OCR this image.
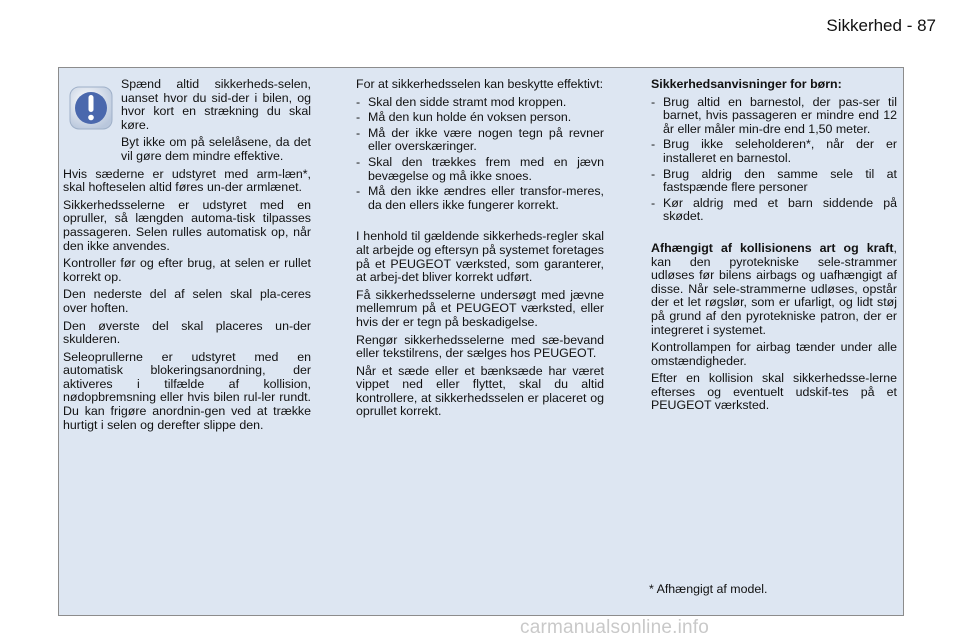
Sikkerhed - 87

Spænd altid sikkerheds-selen, uanset hvor du sid-der i bilen, og hvor kort en strækning du skal køre.

Byt ikke om på selelåsene, da det vil gøre dem mindre effektive.

Hvis sæderne er udstyret med arm-læn*, skal hofteselen altid føres un-der armlænet.

Sikkerhedsselerne er udstyret med en opruller, så længden automa-tisk tilpasses passageren. Selen rulles automatisk op, når den ikke anvendes.

Kontroller før og efter brug, at selen er rullet korrekt op.

Den nederste del af selen skal pla-ceres over hoften.

Den øverste del skal placeres un-der skulderen.

Seleoprullerne er udstyret med en automatisk blokeringsanordning, der aktiveres i tilfælde af kollision, nødopbremsning eller hvis bilen rul-ler rundt. Du kan frigøre anordnin-gen ved at trække hurtigt i selen og derefter slippe den.

For at sikkerhedsselen kan beskytte effektivt:

- Skal den sidde stramt mod kroppen.
- Må den kun holde én voksen person.
- Må der ikke være nogen tegn på revner eller overskæringer.
- Skal den trækkes frem med en jævn bevægelse og må ikke snoes.
- Må den ikke ændres eller transfor-meres, da den ellers ikke fungerer korrekt.

I henhold til gældende sikkerheds-regler skal alt arbejde og eftersyn på systemet foretages på et PEUGEOT værksted, som garanterer, at arbej-det bliver korrekt udført.

Få sikkerhedsselerne undersøgt med jævne mellemrum på et PEUGEOT værksted, eller hvis der er tegn på beskadigelse.

Rengør sikkerhedsselerne med sæ-bevand eller tekstilrens, der sælges hos PEUGEOT.

Når et sæde eller et bænksæde har været vippet ned eller flyttet, skal du altid kontrollere, at sikkerhedsselen er placeret og oprullet korrekt.

Sikkerhedsanvisninger for børn:

- Brug altid en barnestol, der pas-ser til barnet, hvis passageren er mindre end 12 år eller måler min-dre end 1,50 meter.
- Brug ikke seleholderen*, når der er installeret en barnestol.
- Brug aldrig den samme sele til at fastspænde flere personer
- Kør aldrig med et barn siddende på skødet.

Afhængigt af kollisionens art og kraft, kan den pyrotekniske sele-strammer udløses før bilens airbags og uafhængigt af disse. Når sele-strammerne udløses, opstår der et let røgslør, som er ufarligt, og lidt støj på grund af den pyrotekniske patron, der er integreret i systemet.

Kontrollampen for airbag tænder under alle omstændigheder.

Efter en kollision skal sikkerhedsse-lerne efterses og eventuelt udskif-tes på et PEUGEOT værksted.

* Afhængigt af model.
carmanualsonline.info
